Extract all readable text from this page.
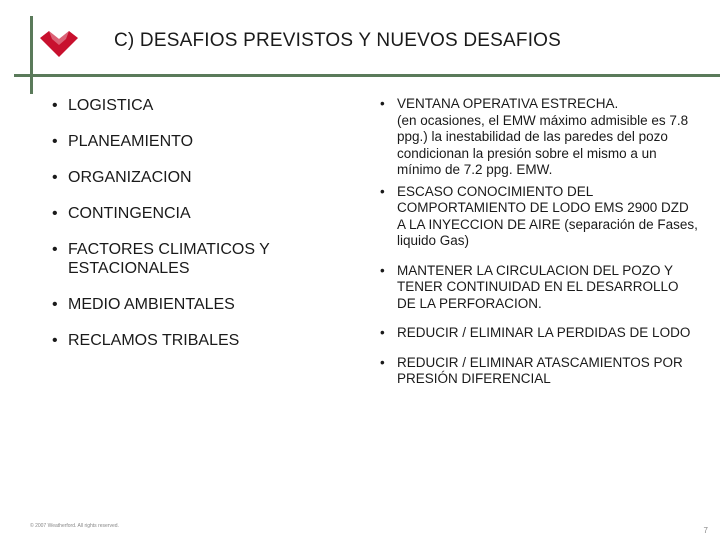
C) DESAFIOS PREVISTOS Y NUEVOS DESAFIOS
• LOGISTICA
• PLANEAMIENTO
• ORGANIZACION
• CONTINGENCIA
• FACTORES CLIMATICOS Y ESTACIONALES
• MEDIO AMBIENTALES
• RECLAMOS TRIBALES
• VENTANA OPERATIVA ESTRECHA.
(en ocasiones, el EMW máximo admisible es 7.8 ppg.) la inestabilidad de las paredes del pozo condicionan la presión sobre el mismo a un mínimo de 7.2 ppg. EMW.
• ESCASO CONOCIMIENTO DEL COMPORTAMIENTO DE LODO EMS 2900 DZD A LA INYECCION DE AIRE (separación de Fases, liquido Gas)
• MANTENER LA CIRCULACION DEL POZO Y TENER CONTINUIDAD EN EL DESARROLLO DE LA PERFORACION.
• REDUCIR / ELIMINAR LA PERDIDAS DE LODO
• REDUCIR / ELIMINAR ATASCAMIENTOS POR PRESIÓN DIFERENCIAL
© 2007 Weatherford. All rights reserved.	7
